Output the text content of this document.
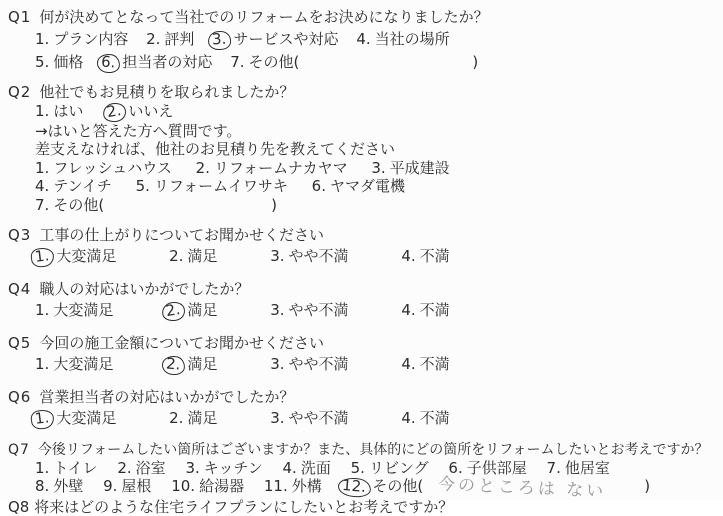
Q1 何が決めてとなって当社でのリフォームをお決めになりましたか？
1. プラン内容 2. 評判 3. サービスや対応 4. 当社の場所
5. 価格 6. 担当者の対応 7. その他(	)
Q2 他社でもお見積りを取られましたか？
1. はい 2. いいえ
→はいと答えた方へ質問です。
差支えなければ、他社のお見積り先を教えてください
1. フレッシュハウス 2. リフォームナカヤマ 3. 平成建設
4. テンイチ 5. リフォームイワサキ 6. ヤマダ電機
7. その他(	)
Q3 工事の仕上がりについてお聞かせください
1. 大変満足	2. 満足	3. やや不満	4. 不満
Q4 職人の対応はいかがでしたか？
1. 大変満足	2. 満足	3. やや不満	4. 不満
Q5 今回の施工金額についてお聞かせください
1. 大変満足	2. 満足	3. やや不満	4. 不満
Q6 営業担当者の対応はいかがでしたか？
1. 大変満足	2. 満足	3. やや不満	4. 不満
Q7 今後リフォームしたい箇所はございますか？また、具体的にどの箇所をリフォームしたいとお考えですか？
1. トイレ 2. 浴室 3. キッチン 4. 洗面 5. リビング 6. 子供部屋 7. 他居室
8. 外壁 9. 屋根 10. 給湯器 11. 外構 12. その他( 今のところは ない )
Q8 将来はどのような住宅ライフプランにしたいとお考えですか？
